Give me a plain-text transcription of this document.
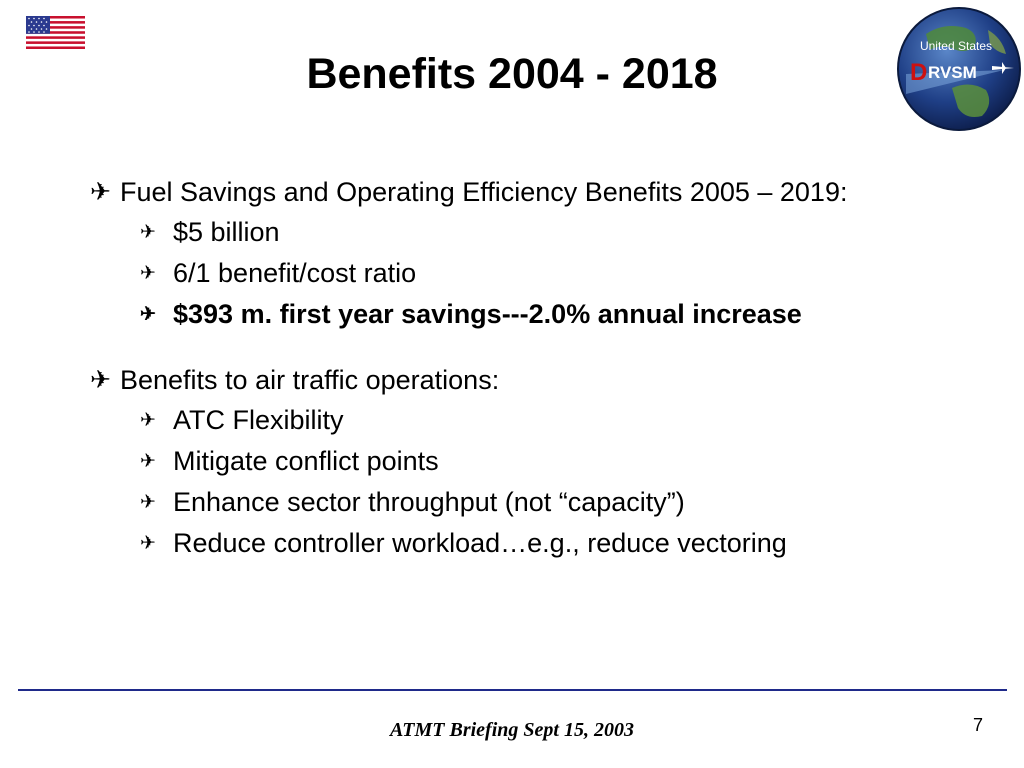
Benefits 2004 - 2018
United States
D RVSM
✈ Fuel Savings and Operating Efficiency Benefits 2005 – 2019:
✈ $5 billion
✈ 6/1 benefit/cost ratio
✈ $393 m. first year savings---2.0% annual increase
✈ Benefits to air traffic operations:
✈ ATC Flexibility
✈ Mitigate conflict points
✈ Enhance sector throughput (not “capacity”)
✈ Reduce controller workload…e.g., reduce vectoring
ATMT Briefing Sept 15, 2003	7
